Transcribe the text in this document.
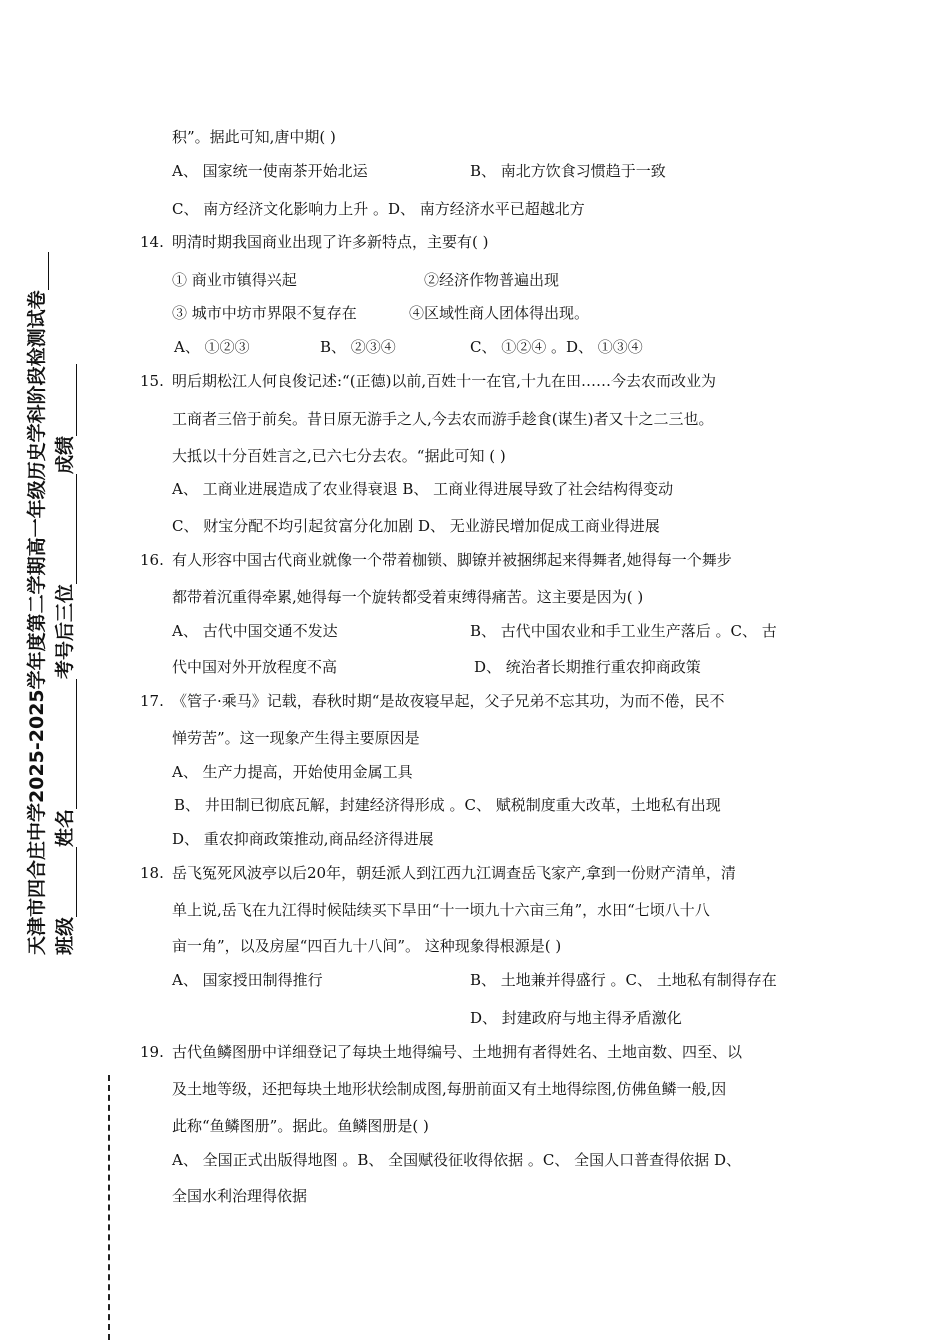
天津市四合庄中学2025-2025学年度第二学期高一年级历史学科阶段检测试卷 班级姓名考号后三位成绩
积”。据此可知,唐中期( )
A、 国家统一使南茶开始北运	B、 南北方饮食习惯趋于一致
C、 南方经济文化影响力上升 。D、 南方经济水平已超越北方
14. 明清时期我国商业出现了许多新特点，主要有( )
① 商业市镇得兴起	②经济作物普遍出现
③ 城市中坊市界限不复存在	④区域性商人团体得出现。
A、 ①②③	B、 ②③④	C、 ①②④ 。D、 ①③④
15. 明后期松江人何良俊记述:“(正德)以前,百姓十一在官,十九在田……今去农而改业为
工商者三倍于前矣。昔日原无游手之人,今去农而游手趁食(谋生)者又十之二三也。
大抵以十分百姓言之,已六七分去农。“据此可知 ( )
A、 工商业进展造成了农业得衰退 B、 工商业得进展导致了社会结构得变动
C、 财宝分配不均引起贫富分化加剧 D、 无业游民增加促成工商业得进展
16. 有人形容中国古代商业就像一个带着枷锁、脚镣并被捆绑起来得舞者,她得每一个舞步
都带着沉重得牵累,她得每一个旋转都受着束缚得痛苦。这主要是因为( )
A、 古代中国交通不发达	B、 古代中国农业和手工业生产落后 。C、 古
代中国对外开放程度不高	D、 统治者长期推行重农抑商政策
17. 《管子·乘马》记载，春秋时期“是故夜寝早起，父子兄弟不忘其功，为而不倦，民不
惮劳苦”。这一现象产生得主要原因是
A、 生产力提高，开始使用金属工具
B、 井田制已彻底瓦解，封建经济得形成 。C、 赋税制度重大改革，土地私有出现
D、 重农抑商政策推动,商品经济得进展
18. 岳飞冤死风波亭以后20年，朝廷派人到江西九江调查岳飞家产,拿到一份财产清单，清
单上说,岳飞在九江得时候陆续买下旱田“十一顷九十六亩三角”，水田“七顷八十八
亩一角”，以及房屋“四百九十八间”。 这种现象得根源是( )
A、 国家授田制得推行	B、 土地兼并得盛行 。C、 土地私有制得存在
D、 封建政府与地主得矛盾激化
19. 古代鱼鳞图册中详细登记了每块土地得编号、土地拥有者得姓名、土地亩数、四至、以
及土地等级，还把每块土地形状绘制成图,每册前面又有土地得综图,仿佛鱼鳞一般,因
此称“鱼鳞图册”。据此。鱼鳞图册是( )
A、 全国正式出版得地图 。B、 全国赋役征收得依据 。C、 全国人口普查得依据 D、
全国水利治理得依据
